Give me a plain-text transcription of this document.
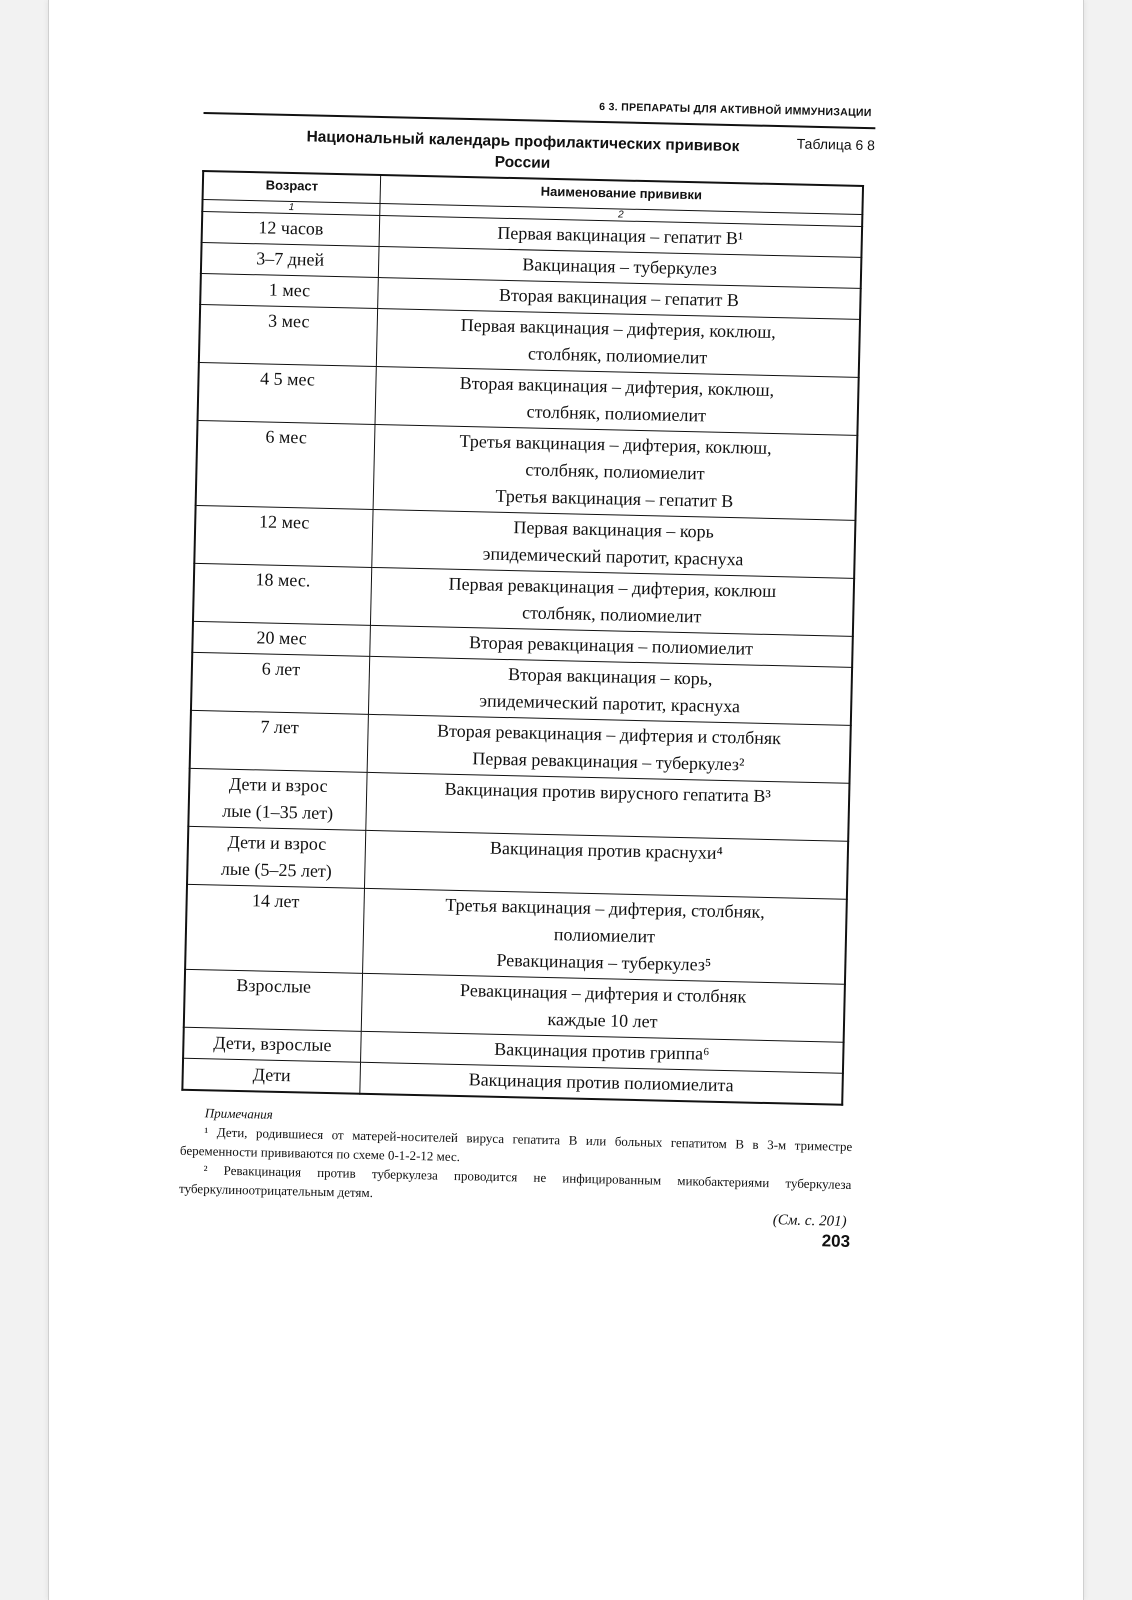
6 3. ПРЕПАРАТЫ ДЛЯ АКТИВНОЙ ИММУНИЗАЦИИ
Таблица 6 8
Национальный календарь профилактических прививок
России
Возраст	Наименование прививки
1	2

12 часов	Первая вакцинация – гепатит В¹

3–7 дней	Вакцинация – туберкулез

1 мес	Вторая вакцинация – гепатит В

3 мес	Первая вакцинация – дифтерия, коклюш,
столбняк, полиомиелит

4 5 мес	Вторая вакцинация – дифтерия, коклюш,
столбняк, полиомиелит

6 мес	Третья вакцинация – дифтерия, коклюш,
столбняк, полиомиелит
Третья вакцинация – гепатит В

12 мес	Первая вакцинация – корь
эпидемический паротит, краснуха

18 мес.	Первая ревакцинация – дифтерия, коклюш
столбняк, полиомиелит

20 мес	Вторая ревакцинация – полиомиелит

6 лет	Вторая вакцинация – корь,
эпидемический паротит, краснуха

7 лет	Вторая ревакцинация – дифтерия и столбняк
Первая ревакцинация – туберкулез²

Дети и взрос
лые (1–35 лет)	Вакцинация против вирусного гепатита В³

Дети и взрос
лые (5–25 лет)	Вакцинация против краснухи⁴

14 лет	Третья вакцинация – дифтерия, столбняк,
полиомиелит
Ревакцинация – туберкулез⁵

Взрослые	Ревакцинация – дифтерия и столбняк
каждые 10 лет

Дети, взрослые	Вакцинация против гриппа⁶

Дети	Вакцинация против полиомиелита
Примечания

¹ Дети, родившиеся от матерей-носителей вируса гепатита В или больных гепатитом В в 3-м триместре беременности прививаются по схеме 0-1-2-12 мес.

² Ревакцинация против туберкулеза проводится не инфицированным микобактериями туберкулеза туберкулиноотрицательным детям.

(См. с. 201)
203
